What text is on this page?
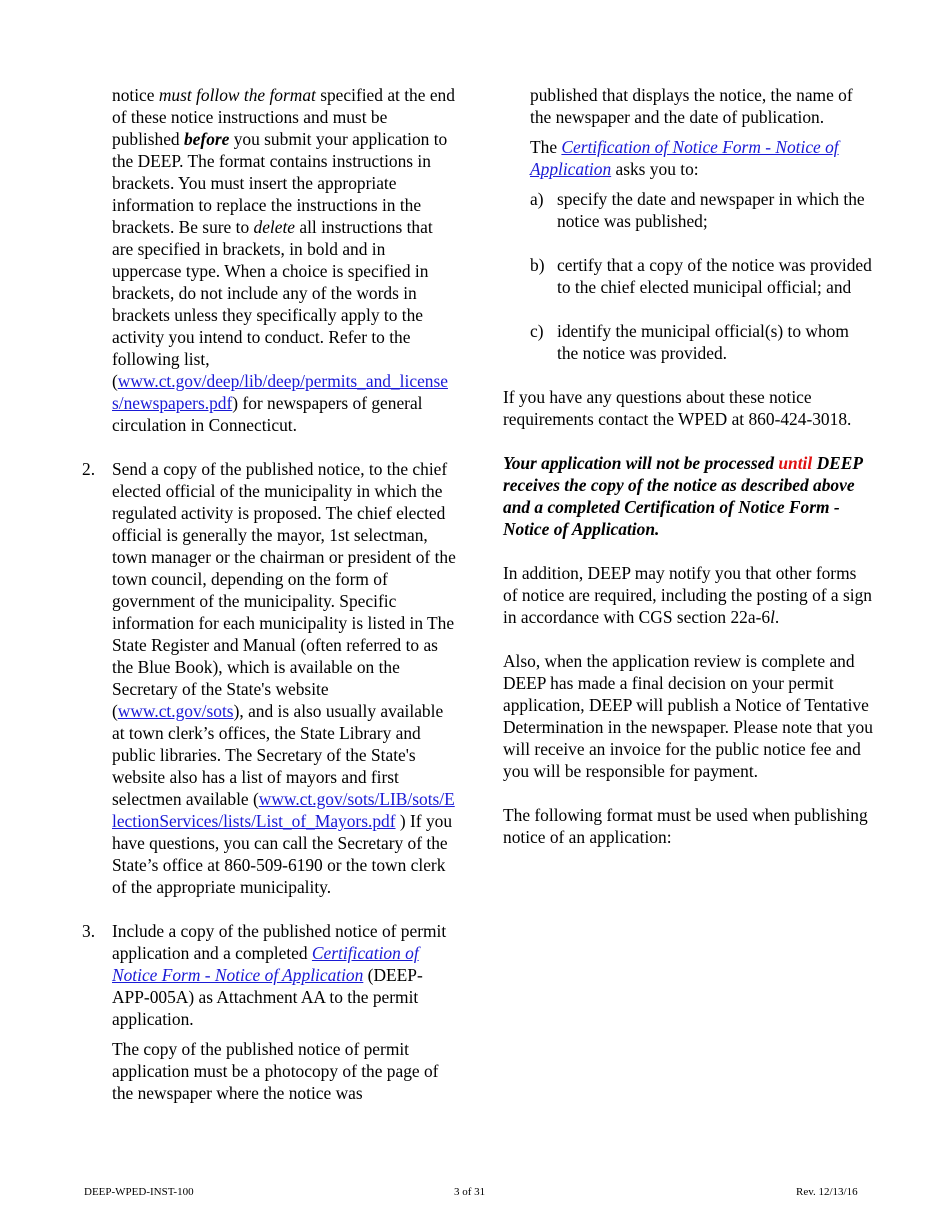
notice must follow the format specified at the end of these notice instructions and must be published before you submit your application to the DEEP. The format contains instructions in brackets. You must insert the appropriate information to replace the instructions in the brackets. Be sure to delete all instructions that are specified in brackets, in bold and in uppercase type. When a choice is specified in brackets, do not include any of the words in brackets unless they specifically apply to the activity you intend to conduct. Refer to the following list,
(www.ct.gov/deep/lib/deep/permits_and_licenses/newspapers.pdf) for newspapers of general circulation in Connecticut.

2. Send a copy of the published notice, to the chief elected official of the municipality in which the regulated activity is proposed. The chief elected official is generally the mayor, 1st selectman, town manager or the chairman or president of the town council, depending on the form of government of the municipality. Specific information for each municipality is listed in The State Register and Manual (often referred to as the Blue Book), which is available on the Secretary of the State's website (www.ct.gov/sots), and is also usually available at town clerk’s offices, the State Library and public libraries. The Secretary of the State's website also has a list of mayors and first selectmen available (www.ct.gov/sots/LIB/sots/ElectionServices/lists/List_of_Mayors.pdf ) If you have questions, you can call the Secretary of the State’s office at 860-509-6190 or the town clerk of the appropriate municipality.

3. Include a copy of the published notice of permit application and a completed Certification of Notice Form - Notice of Application (DEEP-APP-005A) as Attachment AA to the permit application.

The copy of the published notice of permit application must be a photocopy of the page of the newspaper where the notice was

published that displays the notice, the name of the newspaper and the date of publication.

The Certification of Notice Form - Notice of Application asks you to:

a) specify the date and newspaper in which the notice was published;

b) certify that a copy of the notice was provided to the chief elected municipal official; and

c) identify the municipal official(s) to whom the notice was provided.

If you have any questions about these notice requirements contact the WPED at 860-424-3018.

Your application will not be processed until DEEP receives the copy of the notice as described above and a completed Certification of Notice Form - Notice of Application.

In addition, DEEP may notify you that other forms of notice are required, including the posting of a sign in accordance with CGS section 22a-6l.

Also, when the application review is complete and DEEP has made a final decision on your permit application, DEEP will publish a Notice of Tentative Determination in the newspaper. Please note that you will receive an invoice for the public notice fee and you will be responsible for payment.

The following format must be used when publishing notice of an application:

DEEP-WPED-INST-100	3 of 31	Rev. 12/13/16
